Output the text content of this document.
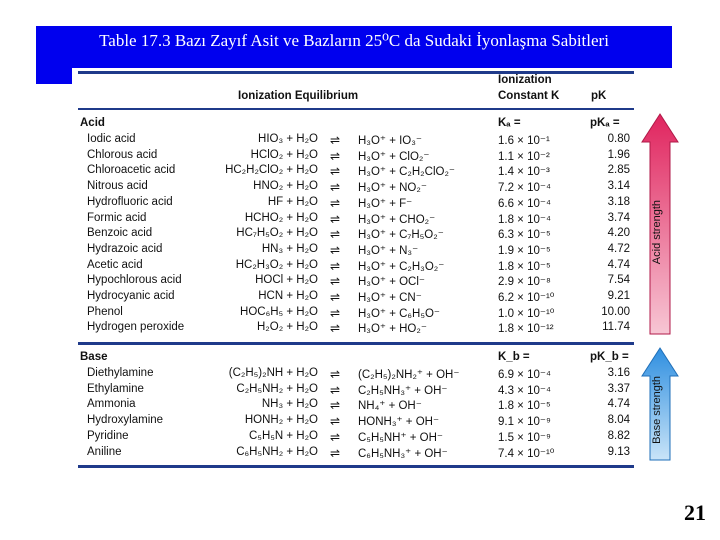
Table 17.3 Bazı Zayıf Asit ve Bazların 25⁰C da Sudaki İyonlaşma Sabitleri
Ionization Equilibrium
Ionization
Constant K	pK
Acid	Kₐ =	pKₐ =
Iodic acid	HIO₃ + H₂O ⇌ H₃O⁺ + IO₃⁻	1.6 × 10⁻¹	0.80
Chlorous acid	HClO₂ + H₂O ⇌ H₃O⁺ + ClO₂⁻	1.1 × 10⁻²	1.96
Chloroacetic acid	HC₂H₂ClO₂ + H₂O ⇌ H₃O⁺ + C₂H₂ClO₂⁻	1.4 × 10⁻³	2.85
Nitrous acid	HNO₂ + H₂O ⇌ H₃O⁺ + NO₂⁻	7.2 × 10⁻⁴	3.14
Hydrofluoric acid	HF + H₂O ⇌ H₃O⁺ + F⁻	6.6 × 10⁻⁴	3.18
Formic acid	HCHO₂ + H₂O ⇌ H₃O⁺ + CHO₂⁻	1.8 × 10⁻⁴	3.74
Benzoic acid	HC₇H₅O₂ + H₂O ⇌ H₃O⁺ + C₇H₅O₂⁻	6.3 × 10⁻⁵	4.20
Hydrazoic acid	HN₃ + H₂O ⇌ H₃O⁺ + N₃⁻	1.9 × 10⁻⁵	4.72
Acetic acid	HC₂H₃O₂ + H₂O ⇌ H₃O⁺ + C₂H₃O₂⁻	1.8 × 10⁻⁵	4.74
Hypochlorous acid	HOCl + H₂O ⇌ H₃O⁺ + OCl⁻	2.9 × 10⁻⁸	7.54
Hydrocyanic acid	HCN + H₂O ⇌ H₃O⁺ + CN⁻	6.2 × 10⁻¹⁰	9.21
Phenol	HOC₆H₅ + H₂O ⇌ H₃O⁺ + C₆H₅O⁻	1.0 × 10⁻¹⁰	10.00
Hydrogen peroxide	H₂O₂ + H₂O ⇌ H₃O⁺ + HO₂⁻	1.8 × 10⁻¹²	11.74
Base	K_b =	pK_b =
Diethylamine	(C₂H₅)₂NH + H₂O ⇌ (C₂H₅)₂NH₂⁺ + OH⁻	6.9 × 10⁻⁴	3.16
Ethylamine	C₂H₅NH₂ + H₂O ⇌ C₂H₅NH₃⁺ + OH⁻	4.3 × 10⁻⁴	3.37
Ammonia	NH₃ + H₂O ⇌ NH₄⁺ + OH⁻	1.8 × 10⁻⁵	4.74
Hydroxylamine	HONH₂ + H₂O ⇌ HONH₃⁺ + OH⁻	9.1 × 10⁻⁹	8.04
Pyridine	C₅H₅N + H₂O ⇌ C₅H₅NH⁺ + OH⁻	1.5 × 10⁻⁹	8.82
Aniline	C₆H₅NH₂ + H₂O ⇌ C₆H₅NH₃⁺ + OH⁻	7.4 × 10⁻¹⁰	9.13
Acid strength
Base strength
21
